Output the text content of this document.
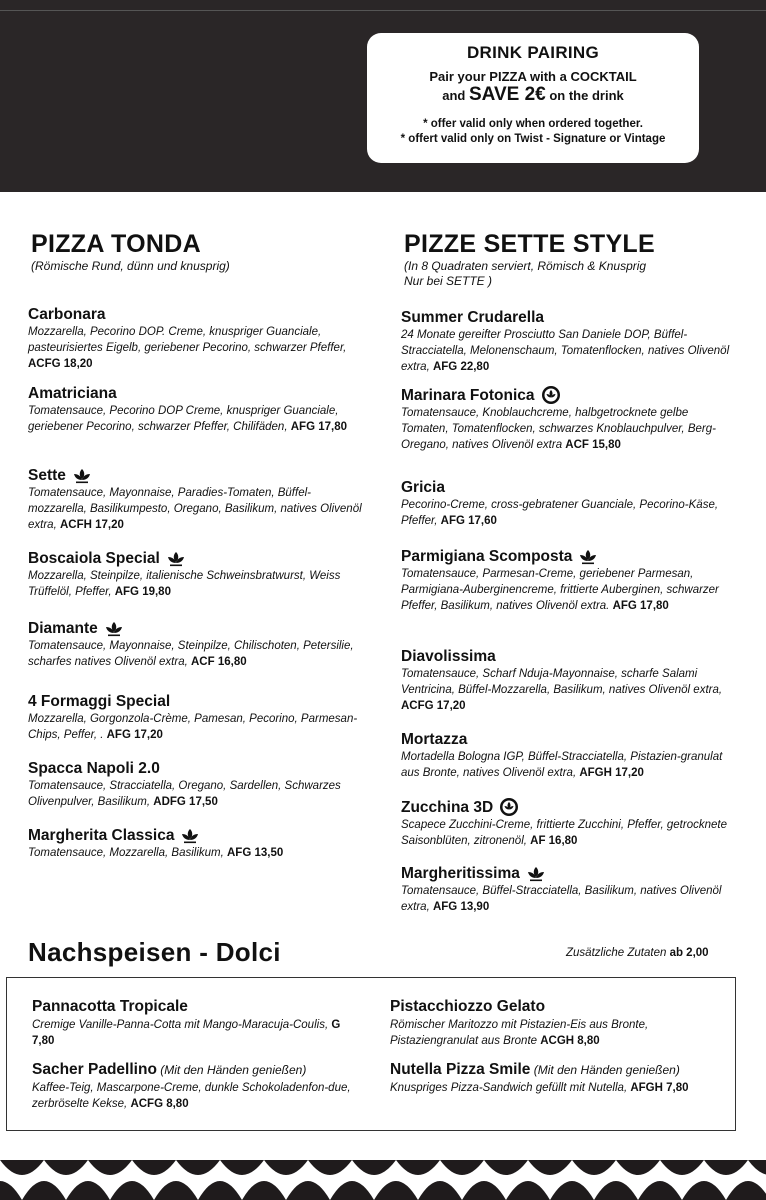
DRINK PAIRING
Pair your PIZZA with a COCKTAIL
and SAVE 2€ on the drink
* offer valid only when ordered together.
* offert valid only on Twist - Signature or Vintage
PIZZA TONDA
(Römische Rund, dünn und knusprig)
Carbonara
Mozzarella, Pecorino DOP. Creme, knuspriger Guanciale, pasteurisiertes Eigelb, geriebener Pecorino, schwarzer Pfeffer, ACFG 18,20
Amatriciana
Tomatensauce, Pecorino DOP Creme, knuspriger Guanciale, geriebener Pecorino, schwarzer Pfeffer, Chilifäden, AFG 17,80
Sette
Tomatensauce, Mayonnaise, Paradies-Tomaten, Büffel-mozzarella, Basilikumpesto, Oregano, Basilikum, natives Olivenöl extra, ACFH 17,20
Boscaiola Special
Mozzarella, Steinpilze, italienische Schweinsbratwurst, Weiss Trüffelöl, Pfeffer, AFG 19,80
Diamante
Tomatensauce, Mayonnaise, Steinpilze, Chilischoten, Petersilie, scharfes natives Olivenöl extra, ACF 16,80
4 Formaggi Special
Mozzarella, Gorgonzola-Crème, Pamesan, Pecorino, Parmesan-Chips, Peffer, . AFG 17,20
Spacca Napoli 2.0
Tomatensauce, Stracciatella, Oregano, Sardellen, Schwarzes Olivenpulver, Basilikum, ADFG 17,50
Margherita Classica
Tomatensauce, Mozzarella, Basilikum, AFG 13,50
PIZZE SETTE STYLE
(In 8 Quadraten serviert, Römisch & Knusprig
Nur bei SETTE )
Summer Crudarella
24 Monate gereifter Prosciutto San Daniele DOP, Büffel-Stracciatella, Melonenschaum, Tomatenflocken, natives Olivenöl extra, AFG 22,80
Marinara Fotonica
Tomatensauce, Knoblauchcreme, halbgetrocknete gelbe Tomaten, Tomatenflocken, schwarzes Knoblauchpulver, Berg-Oregano, natives Olivenöl extra ACF 15,80
Gricia
Pecorino-Creme, cross-gebratener Guanciale, Pecorino-Käse, Pfeffer, AFG 17,60
Parmigiana Scomposta
Tomatensauce, Parmesan-Creme, geriebener Parmesan, Parmigiana-Auberginencreme, frittierte Auberginen, schwarzer Pfeffer, Basilikum, natives Olivenöl extra. AFG 17,80
Diavolissima
Tomatensauce, Scharf Nduja-Mayonnaise, scharfe Salami Ventricina, Büffel-Mozzarella, Basilikum, natives Olivenöl extra, ACFG 17,20
Mortazza
Mortadella Bologna IGP, Büffel-Stracciatella, Pistazien-granulat aus Bronte, natives Olivenöl extra, AFGH 17,20
Zucchina 3D
Scapece Zucchini-Creme, frittierte Zucchini, Pfeffer, getrocknete Saisonblüten, zitronenöl, AF 16,80
Margheritissima
Tomatensauce, Büffel-Stracciatella, Basilikum, natives Olivenöl extra, AFG 13,90
Nachspeisen - Dolci	Zusätzliche Zutaten ab 2,00
Pannacotta Tropicale
Cremige Vanille-Panna-Cotta mit Mango-Maracuja-Coulis, G 7,80
Pistacchiozzo Gelato
Römischer Maritozzo mit Pistazien-Eis aus Bronte, Pistaziengranulat aus Bronte ACGH 8,80
Sacher Padellino (Mit den Händen genießen)
Kaffee-Teig, Mascarpone-Creme, dunkle Schokoladenfon-due, zerbröselte Kekse, ACFG 8,80
Nutella Pizza Smile (Mit den Händen genießen)
Knuspriges Pizza-Sandwich gefüllt mit Nutella, AFGH 7,80
